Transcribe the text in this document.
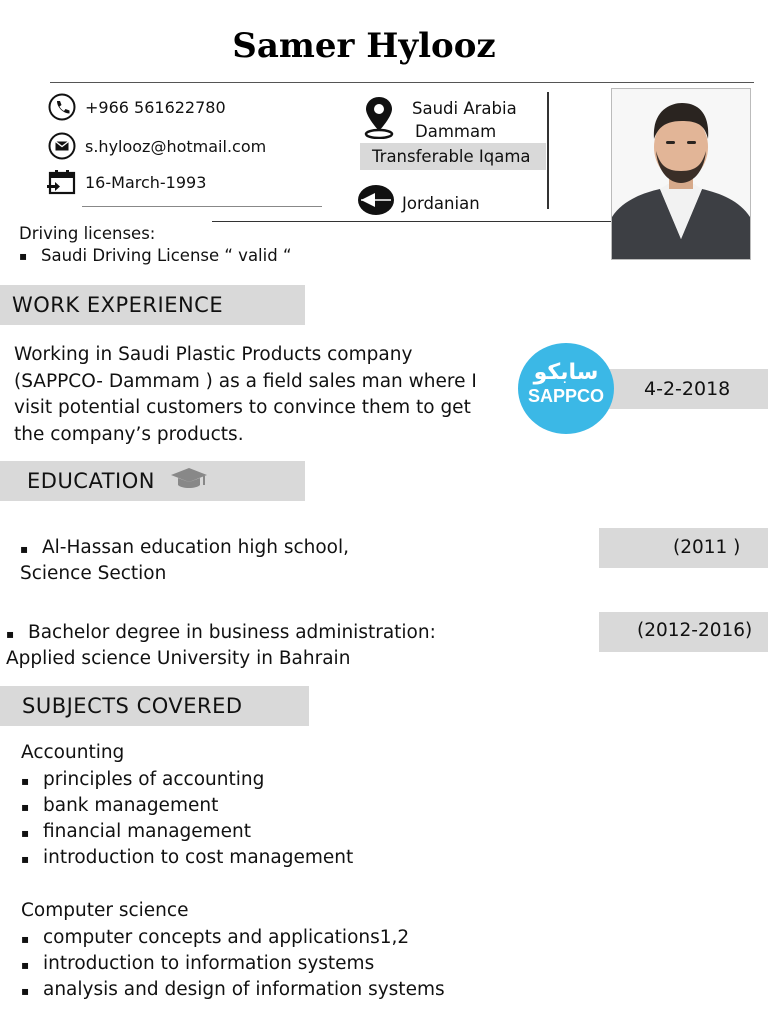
Samer Hylooz
+966 561622780
s.hylooz@hotmail.com
16-March-1993
Saudi Arabia
Dammam
Transferable Iqama
Jordanian
Driving licenses:
▪ Saudi Driving License “ valid “
WORK EXPERIENCE
Working in Saudi Plastic Products company (SAPPCO- Dammam ) as a field sales man where I visit potential customers to convince them to get the company’s products.
4-2-2018
سابكو
SAPPCO
EDUCATION
(2011 )
▪ Al-Hassan education high school,
Science Section
(2012-2016)
▪ Bachelor degree in business administration:
Applied science University in Bahrain
SUBJECTS COVERED
Accounting
▪ principles of accounting
▪ bank management
▪ financial management
▪ introduction to cost management
Computer science
▪ computer concepts and applications1,2
▪ introduction to information systems
▪ analysis and design of information systems
